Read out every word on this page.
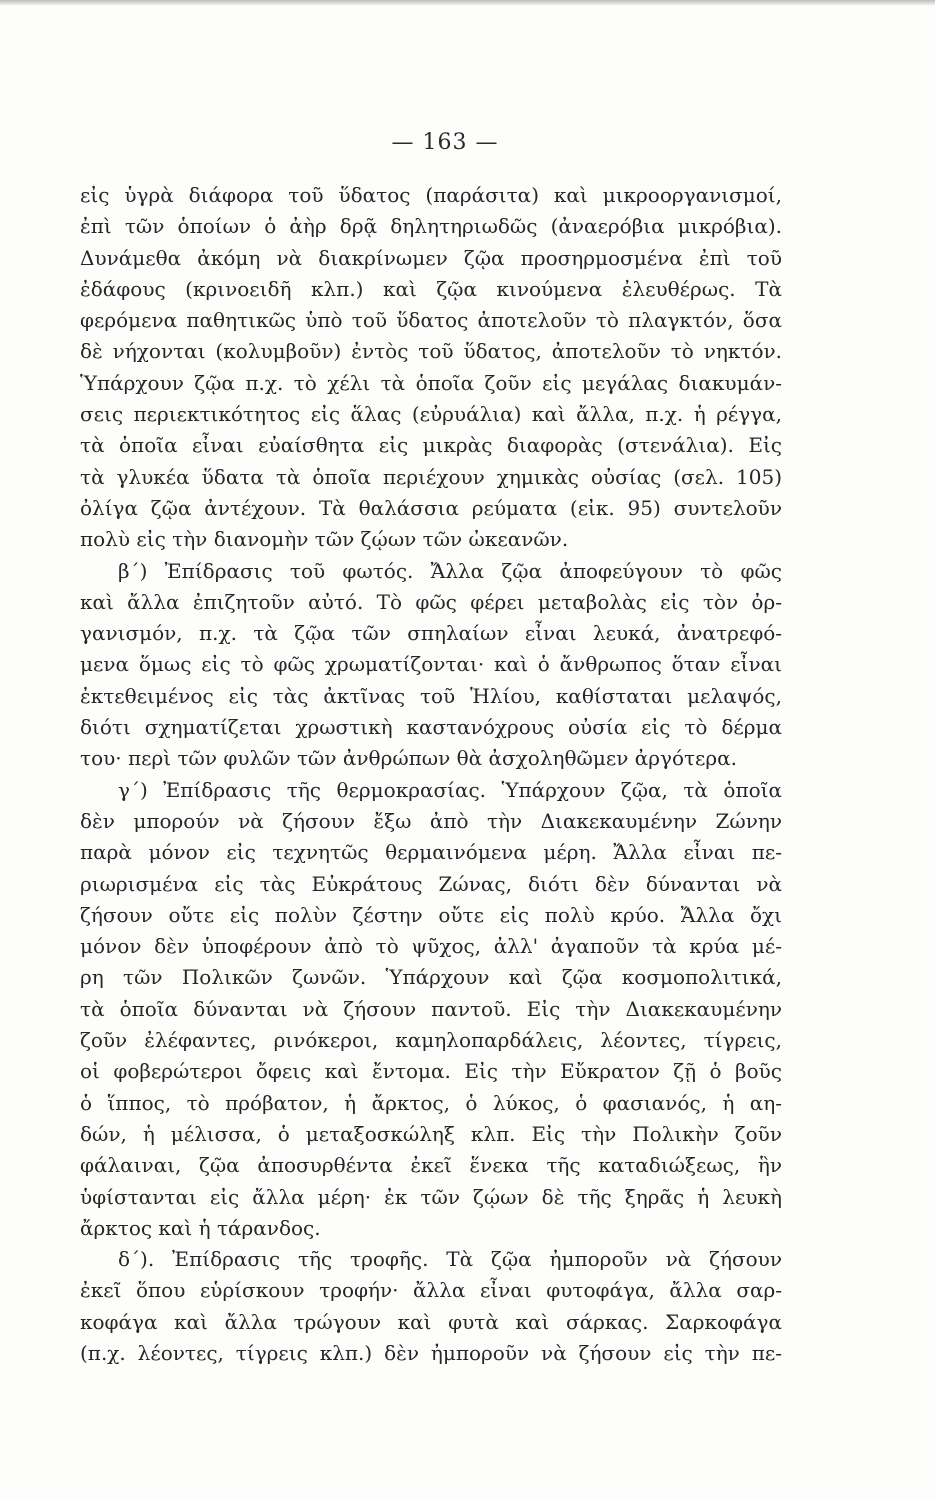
— 163 —
εἰς ὑγρὰ διάφορα τοῦ ὕδατος (παράσιτα) καὶ μικροοργανισμοί,
ἐπὶ τῶν ὁποίων ὁ ἀὴρ δρᾷ δηλητηριωδῶς (ἀναερόβια μικρόβια).
Δυνάμεθα ἀκόμη νὰ διακρίνωμεν ζῷα προσηρμοσμένα ἐπὶ τοῦ
ἐδάφους (κρινοειδῆ κλπ.) καὶ ζῷα κινούμενα ἐλευθέρως. Τὰ
φερόμενα παθητικῶς ὑπὸ τοῦ ὕδατος ἀποτελοῦν τὸ πλαγκτόν, ὅσα
δὲ νήχονται (κολυμβοῦν) ἐντὸς τοῦ ὕδατος, ἀποτελοῦν τὸ νηκτόν.
Ὑπάρχουν ζῷα π.χ. τὸ χέλι τὰ ὁποῖα ζοῦν εἰς μεγάλας διακυμάν-
σεις περιεκτικότητος εἰς ἅλας (εὐρυάλια) καὶ ἄλλα, π.χ. ἡ ρέγγα,
τὰ ὁποῖα εἶναι εὐαίσθητα εἰς μικρὰς διαφορὰς (στενάλια). Εἰς
τὰ γλυκέα ὕδατα τὰ ὁποῖα περιέχουν χημικὰς οὐσίας (σελ. 105)
ὀλίγα ζῷα ἀντέχουν. Τὰ θαλάσσια ρεύματα (εἰκ. 95) συντελοῦν
πολὺ εἰς τὴν διανομὴν τῶν ζῴων τῶν ὠκεανῶν.
β΄) Ἐπίδρασις τοῦ φωτός. Ἄλλα ζῷα ἀποφεύγουν τὸ φῶς
καὶ ἄλλα ἐπιζητοῦν αὐτό. Τὸ φῶς φέρει μεταβολὰς εἰς τὸν ὀρ-
γανισμόν, π.χ. τὰ ζῷα τῶν σπηλαίων εἶναι λευκά, ἀνατρεφό-
μενα ὅμως εἰς τὸ φῶς χρωματίζονται· καὶ ὁ ἄνθρωπος ὅταν εἶναι
ἐκτεθειμένος εἰς τὰς ἀκτῖνας τοῦ Ἡλίου, καθίσταται μελαψός,
διότι σχηματίζεται χρωστικὴ καστανόχρους οὐσία εἰς τὸ δέρμα
του· περὶ τῶν φυλῶν τῶν ἀνθρώπων θὰ ἀσχοληθῶμεν ἀργότερα.
γ΄) Ἐπίδρασις τῆς θερμοκρασίας. Ὑπάρχουν ζῷα, τὰ ὁποῖα
δὲν μπορούν νὰ ζήσουν ἔξω ἀπὸ τὴν Διακεκαυμένην Ζώνην
παρὰ μόνον εἰς τεχνητῶς θερμαινόμενα μέρη. Ἄλλα εἶναι πε-
ριωρισμένα εἰς τὰς Εὐκράτους Ζώνας, διότι δὲν δύνανται νὰ
ζήσουν οὔτε εἰς πολὺν ζέστην οὔτε εἰς πολὺ κρύο. Ἄλλα ὄχι
μόνον δὲν ὑποφέρουν ἀπὸ τὸ ψῦχος, ἀλλ' ἀγαποῦν τὰ κρύα μέ-
ρη τῶν Πολικῶν ζωνῶν. Ὑπάρχουν καὶ ζῷα κοσμοπολιτικά,
τὰ ὁποῖα δύνανται νὰ ζήσουν παντοῦ. Εἰς τὴν Διακεκαυμένην
ζοῦν ἐλέφαντες, ρινόκεροι, καμηλοπαρδάλεις, λέοντες, τίγρεις,
οἱ φοβερώτεροι ὄφεις καὶ ἔντομα. Εἰς τὴν Εὔκρατον ζῇ ὁ βοῦς
ὁ ἵππος, τὸ πρόβατον, ἡ ἄρκτος, ὁ λύκος, ὁ φασιανός, ἡ αη-
δών, ἡ μέλισσα, ὁ μεταξοσκώληξ κλπ. Εἰς τὴν Πολικὴν ζοῦν
φάλαιναι, ζῷα ἀποσυρθέντα ἐκεῖ ἕνεκα τῆς καταδιώξεως, ἣν
ὑφίστανται εἰς ἄλλα μέρη· ἐκ τῶν ζῴων δὲ τῆς ξηρᾶς ἡ λευκὴ
ἄρκτος καὶ ἡ τάρανδος.
δ΄). Ἐπίδρασις τῆς τροφῆς. Τὰ ζῷα ἠμποροῦν νὰ ζήσουν
ἐκεῖ ὅπου εὑρίσκουν τροφήν· ἄλλα εἶναι φυτοφάγα, ἄλλα σαρ-
κοφάγα καὶ ἄλλα τρώγουν καὶ φυτὰ καὶ σάρκας. Σαρκοφάγα
(π.χ. λέοντες, τίγρεις κλπ.) δὲν ἠμποροῦν νὰ ζήσουν εἰς τὴν πε-
